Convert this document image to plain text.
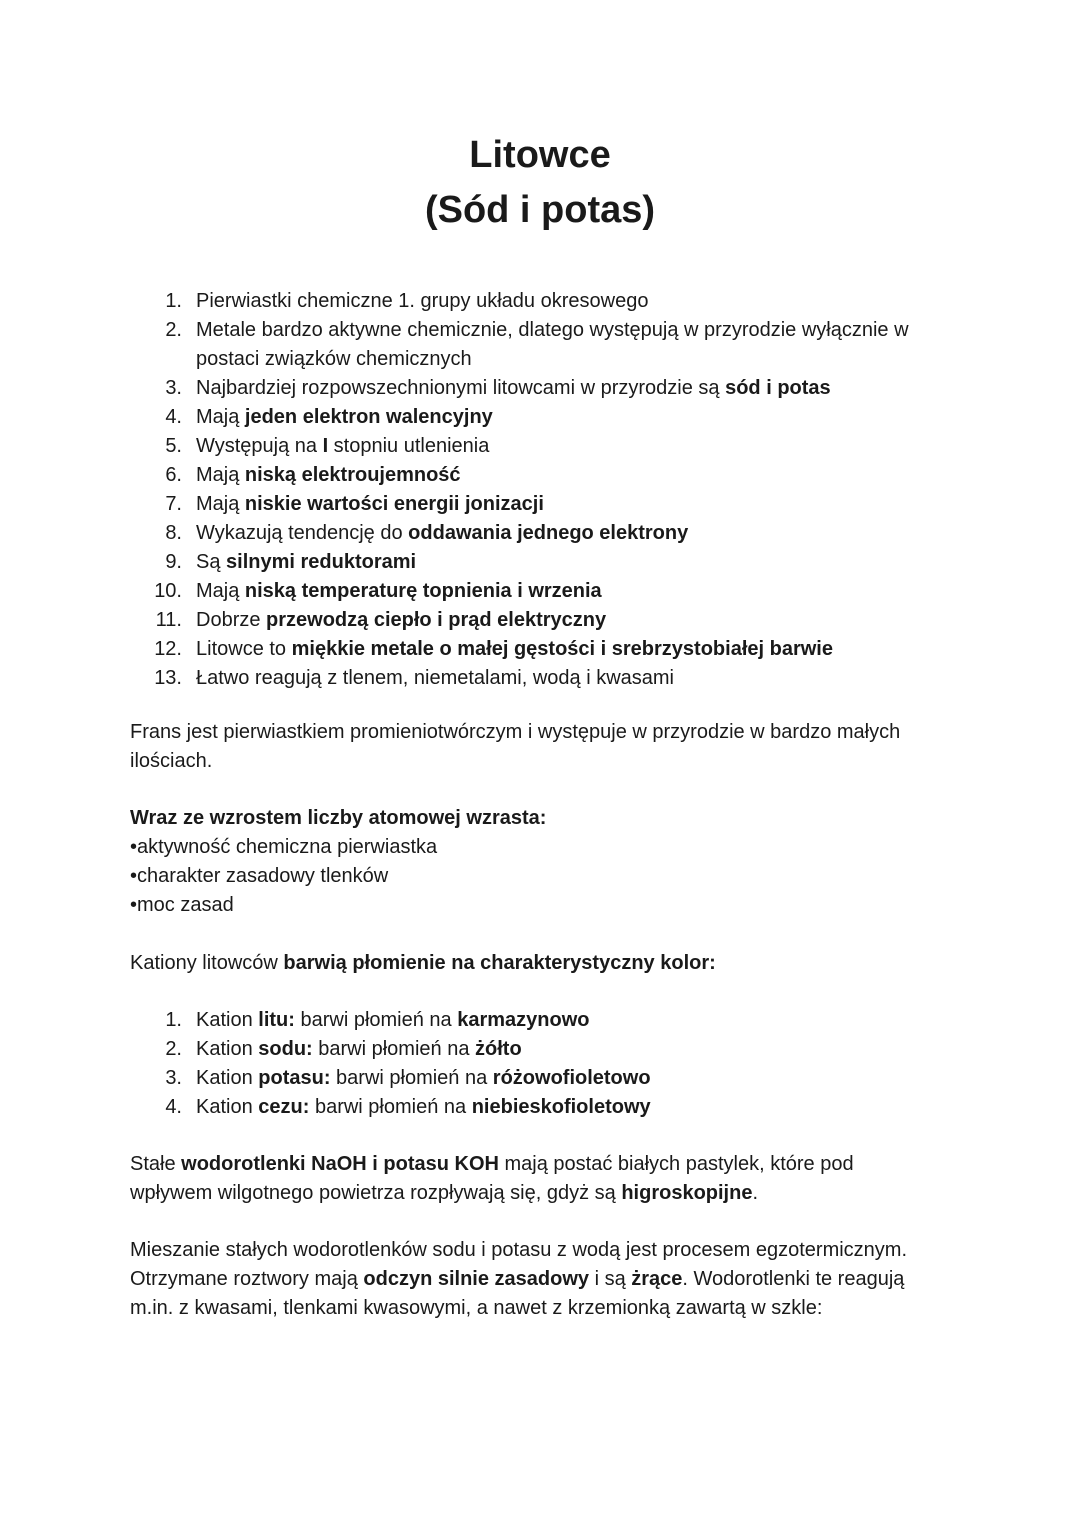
Litowce
(Sód i potas)
1. Pierwiastki chemiczne 1. grupy układu okresowego
2. Metale bardzo aktywne chemicznie, dlatego występują w przyrodzie wyłącznie w postaci związków chemicznych
3. Najbardziej rozpowszechnionymi litowcami w przyrodzie są sód i potas
4. Mają jeden elektron walencyjny
5. Występują na I stopniu utlenienia
6. Mają niską elektroujemność
7. Mają niskie wartości energii jonizacji
8. Wykazują tendencję do oddawania jednego elektrony
9. Są silnymi reduktorami
10. Mają niską temperaturę topnienia i wrzenia
11. Dobrze przewodzą ciepło i prąd elektryczny
12. Litowce to miękkie metale o małej gęstości i srebrzystobiałej barwie
13. Łatwo reagują z tlenem, niemetalami, wodą i kwasami

Frans jest pierwiastkiem promieniotwórczym i występuje w przyrodzie w bardzo małych ilościach.

Wraz ze wzrostem liczby atomowej wzrasta:
•aktywność chemiczna pierwiastka
•charakter zasadowy tlenków
•moc zasad

Kationy litowców barwią płomienie na charakterystyczny kolor:

1. Kation litu: barwi płomień na karmazynowo
2. Kation sodu: barwi płomień na żółto
3. Kation potasu: barwi płomień na różowofioletowo
4. Kation cezu: barwi płomień na niebieskofioletowy

Stałe wodorotlenki NaOH i potasu KOH mają postać białych pastylek, które pod wpływem wilgotnego powietrza rozpływają się, gdyż są higroskopijne.

Mieszanie stałych wodorotlenków sodu i potasu z wodą jest procesem egzotermicznym. Otrzymane roztwory mają odczyn silnie zasadowy i są żrące. Wodorotlenki te reagują m.in. z kwasami, tlenkami kwasowymi, a nawet z krzemionką zawartą w szkle:
